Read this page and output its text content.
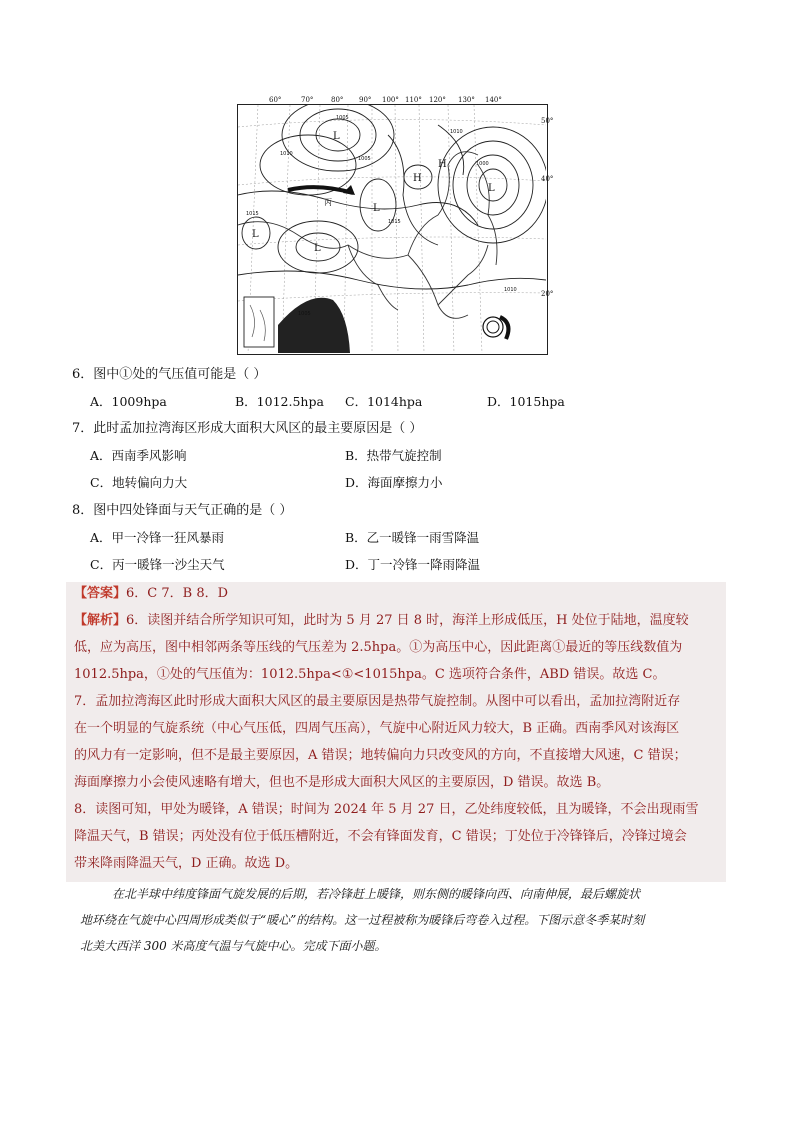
60°	70°	80° 90° 100° 110° 120° 130° 140°
1005
1010
1010
1015
1015
1010
1005
1000
1005
L
H
H
L
L
L
L
丙
50°
40°
20°
6．图中①处的气压值可能是（ ）
A．1009hpa	B．1012.5hpa C．1014hpa	D．1015hpa
7．此时孟加拉湾海区形成大面积大风区的最主要原因是（ ）
A．西南季风影响	B．热带气旋控制
C．地转偏向力大	D．海面摩擦力小
8．图中四处锋面与天气正确的是（ ）
A．甲一冷锋一狂风暴雨	B．乙一暖锋一雨雪降温
C．丙一暖锋一沙尘天气	D．丁一冷锋一降雨降温
【答案】6．C 7．B 8．D
【解析】6．读图并结合所学知识可知，此时为 5 月 27 日 8 时，海洋上形成低压，H 处位于陆地，温度较
低，应为高压，图中相邻两条等压线的气压差为 2.5hpa。①为高压中心，因此距离①最近的等压线数值为
1012.5hpa，①处的气压值为：1012.5hpa<①<1015hpa。C 选项符合条件，ABD 错误。故选 C。
7．孟加拉湾海区此时形成大面积大风区的最主要原因是热带气旋控制。从图中可以看出，孟加拉湾附近存
在一个明显的气旋系统（中心气压低，四周气压高），气旋中心附近风力较大，B 正确。西南季风对该海区
的风力有一定影响，但不是最主要原因，A 错误；地转偏向力只改变风的方向，不直接增大风速，C 错误；
海面摩擦力小会使风速略有增大，但也不是形成大面积大风区的主要原因，D 错误。故选 B。
8．读图可知，甲处为暖锋，A 错误；时间为 2024 年 5 月 27 日，乙处纬度较低，且为暖锋，不会出现雨雪
降温天气，B 错误；丙处没有位于低压槽附近，不会有锋面发育，C 错误；丁处位于冷锋锋后，冷锋过境会
带来降雨降温天气，D 正确。故选 D。
在北半球中纬度锋面气旋发展的后期，若冷锋赶上暖锋，则东侧的暖锋向西、向南伸展，最后螺旋状
地环绕在气旋中心四周形成类似于“暖心”的结构。这一过程被称为暖锋后弯卷入过程。下图示意冬季某时刻
北美大西洋 300 米高度气温与气旋中心。完成下面小题。
